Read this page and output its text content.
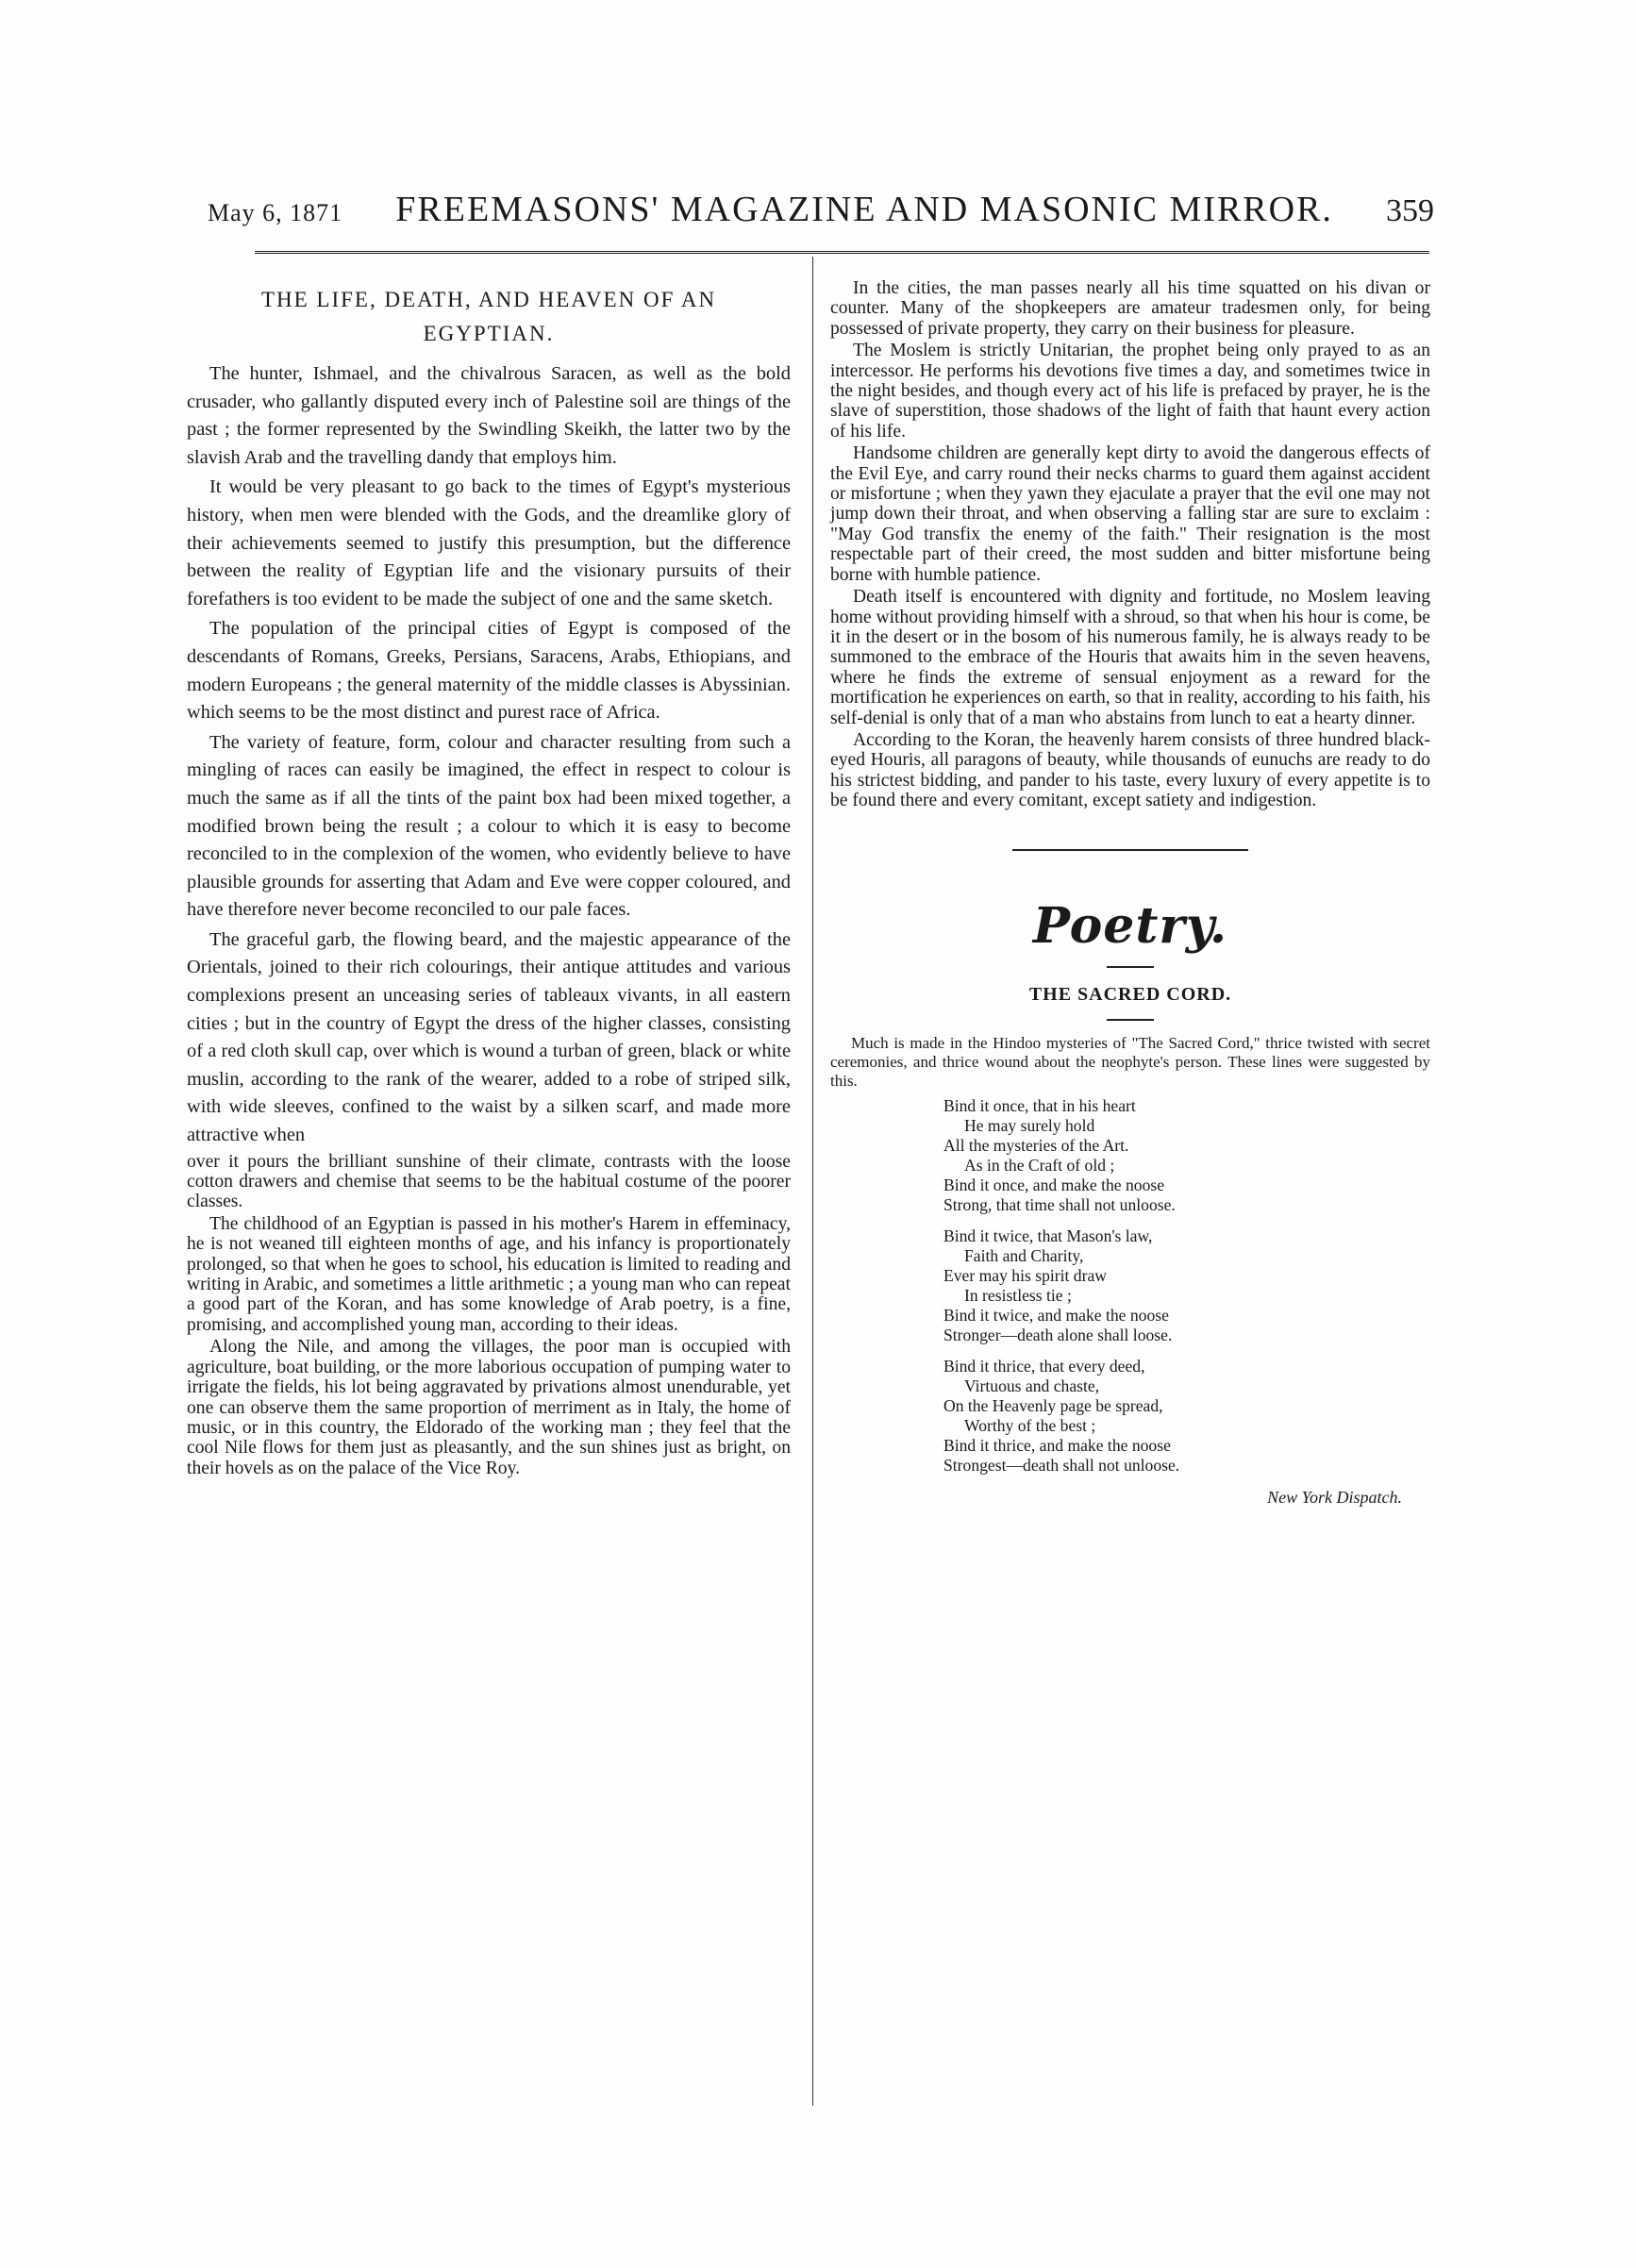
May 6, 1871 FREEMASONS' MAGAZINE AND MASONIC MIRROR. 359
THE LIFE, DEATH, AND HEAVEN OF AN EGYPTIAN.

The hunter, Ishmael, and the chivalrous Saracen, as well as the bold crusader, who gallantly disputed every inch of Palestine soil are things of the past ; the former represented by the Swindling Skeikh, the latter two by the slavish Arab and the travelling dandy that employs him.

It would be very pleasant to go back to the times of Egypt's mysterious history, when men were blended with the Gods, and the dreamlike glory of their achievements seemed to justify this presumption, but the difference between the reality of Egyptian life and the visionary pursuits of their forefathers is too evident to be made the subject of one and the same sketch.

The population of the principal cities of Egypt is composed of the descendants of Romans, Greeks, Persians, Saracens, Arabs, Ethiopians, and modern Europeans ; the general maternity of the middle classes is Abyssinian. which seems to be the most distinct and purest race of Africa.

The variety of feature, form, colour and character resulting from such a mingling of races can easily be imagined, the effect in respect to colour is much the same as if all the tints of the paint box had been mixed together, a modified brown being the result ; a colour to which it is easy to become reconciled to in the complexion of the women, who evidently believe to have plausible grounds for asserting that Adam and Eve were copper coloured, and have therefore never become reconciled to our pale faces.

The graceful garb, the flowing beard, and the majestic appearance of the Orientals, joined to their rich colourings, their antique attitudes and various complexions present an unceasing series of tableaux vivants, in all eastern cities ; but in the country of Egypt the dress of the higher classes, consisting of a red cloth skull cap, over which is wound a turban of green, black or white muslin, according to the rank of the wearer, added to a robe of striped silk, with wide sleeves, confined to the waist by a silken scarf, and made more attractive when

over it pours the brilliant sunshine of their climate, contrasts with the loose cotton drawers and chemise that seems to be the habitual costume of the poorer classes.

The childhood of an Egyptian is passed in his mother's Harem in effeminacy, he is not weaned till eighteen months of age, and his infancy is proportionately prolonged, so that when he goes to school, his education is limited to reading and writing in Arabic, and sometimes a little arithmetic ; a young man who can repeat a good part of the Koran, and has some knowledge of Arab poetry, is a fine, promising, and accomplished young man, according to their ideas.

Along the Nile, and among the villages, the poor man is occupied with agriculture, boat building, or the more laborious occupation of pumping water to irrigate the fields, his lot being aggravated by privations almost unendurable, yet one can observe them the same proportion of merriment as in Italy, the home of music, or in this country, the Eldorado of the working man ; they feel that the cool Nile flows for them just as pleasantly, and the sun shines just as bright, on their hovels as on the palace of the Vice Roy.

In the cities, the man passes nearly all his time squatted on his divan or counter. Many of the shopkeepers are amateur tradesmen only, for being possessed of private property, they carry on their business for pleasure.

The Moslem is strictly Unitarian, the prophet being only prayed to as an intercessor. He performs his devotions five times a day, and sometimes twice in the night besides, and though every act of his life is prefaced by prayer, he is the slave of superstition, those shadows of the light of faith that haunt every action of his life.

Handsome children are generally kept dirty to avoid the dangerous effects of the Evil Eye, and carry round their necks charms to guard them against accident or misfortune ; when they yawn they ejaculate a prayer that the evil one may not jump down their throat, and when observing a falling star are sure to exclaim : "May God transfix the enemy of the faith." Their resignation is the most respectable part of their creed, the most sudden and bitter misfortune being borne with humble patience.

Death itself is encountered with dignity and fortitude, no Moslem leaving home without providing himself with a shroud, so that when his hour is come, be it in the desert or in the bosom of his numerous family, he is always ready to be summoned to the embrace of the Houris that awaits him in the seven heavens, where he finds the extreme of sensual enjoyment as a reward for the mortification he experiences on earth, so that in reality, according to his faith, his self-denial is only that of a man who abstains from lunch to eat a hearty dinner.

According to the Koran, the heavenly harem consists of three hundred black-eyed Houris, all paragons of beauty, while thousands of eunuchs are ready to do his strictest bidding, and pander to his taste, every luxury of every appetite is to be found there and every comitant, except satiety and indigestion.

Poetry.
THE SACRED CORD.

Much is made in the Hindoo mysteries of "The Sacred Cord," thrice twisted with secret ceremonies, and thrice wound about the neophyte's person. These lines were suggested by this.

Bind it once, that in his heart
He may surely hold
All the mysteries of the Art.
As in the Craft of old ;
Bind it once, and make the noose
Strong, that time shall not unloose.
Bind it twice, that Mason's law,
Faith and Charity,
Ever may his spirit draw
In resistless tie ;
Bind it twice, and make the noose
Stronger—death alone shall loose.
Bind it thrice, that every deed,
Virtuous and chaste,
On the Heavenly page be spread,
Worthy of the best ;
Bind it thrice, and make the noose
Strongest—death shall not unloose.

New York Dispatch.
